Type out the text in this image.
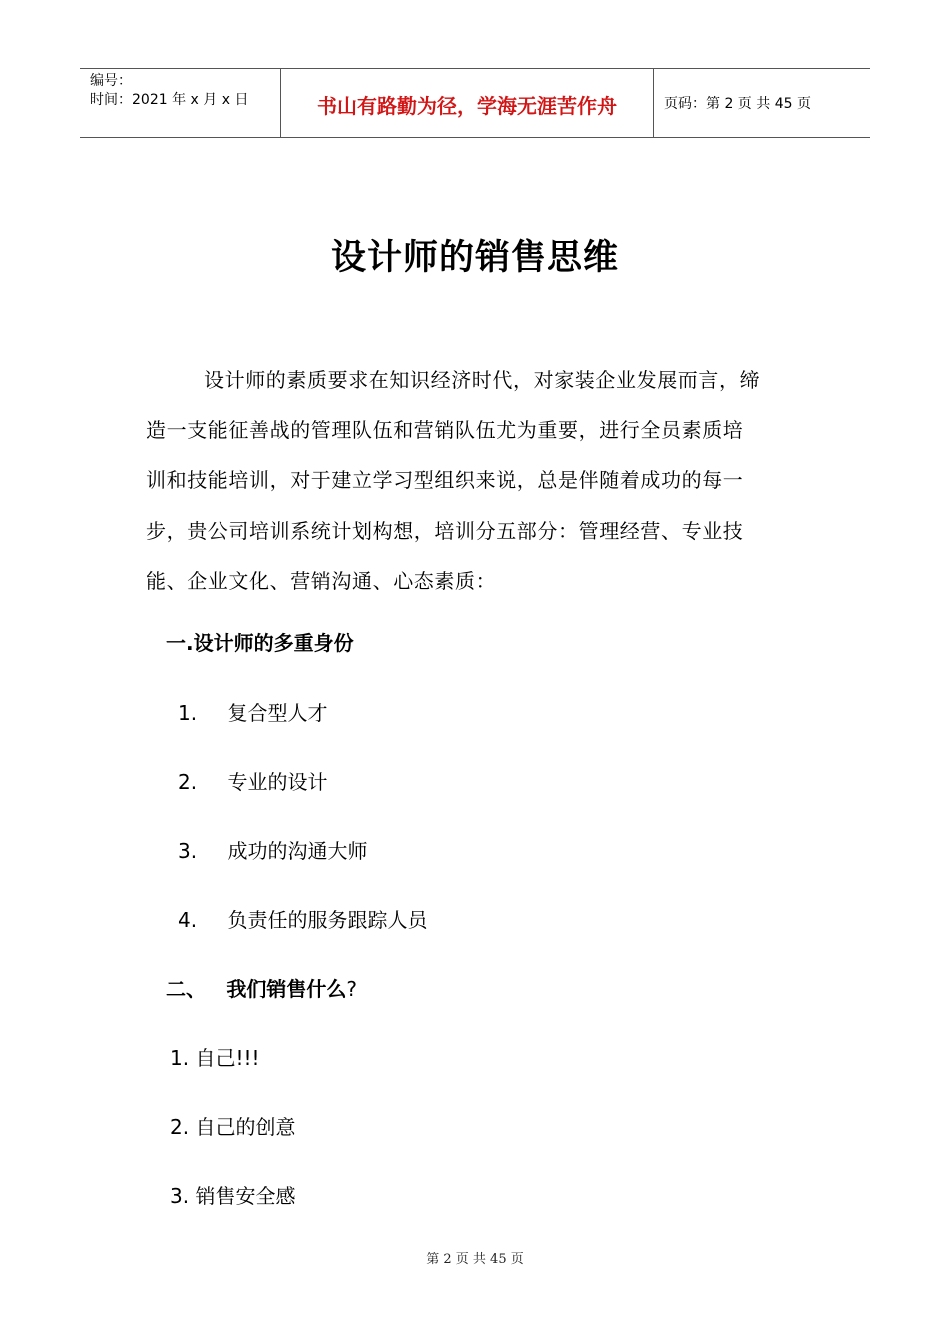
编号：
时间：2021 年 x 月 x 日	书山有路勤为径，学海无涯苦作舟	页码：第 2 页 共 45 页
设计师的销售思维
设计师的素质要求在知识经济时代，对家装企业发展而言，缔
造一支能征善战的管理队伍和营销队伍尤为重要，进行全员素质培
训和技能培训，对于建立学习型组织来说，总是伴随着成功的每一
步，贵公司培训系统计划构想，培训分五部分：管理经营、专业技
能、企业文化、营销沟通、心态素质：
一.设计师的多重身份
1. 复合型人才
2. 专业的设计
3. 成功的沟通大师
4. 负责任的服务跟踪人员
二、 我们销售什么?
1. 自己!!!
2. 自己的创意
3. 销售安全感
第 2 页 共 45 页
